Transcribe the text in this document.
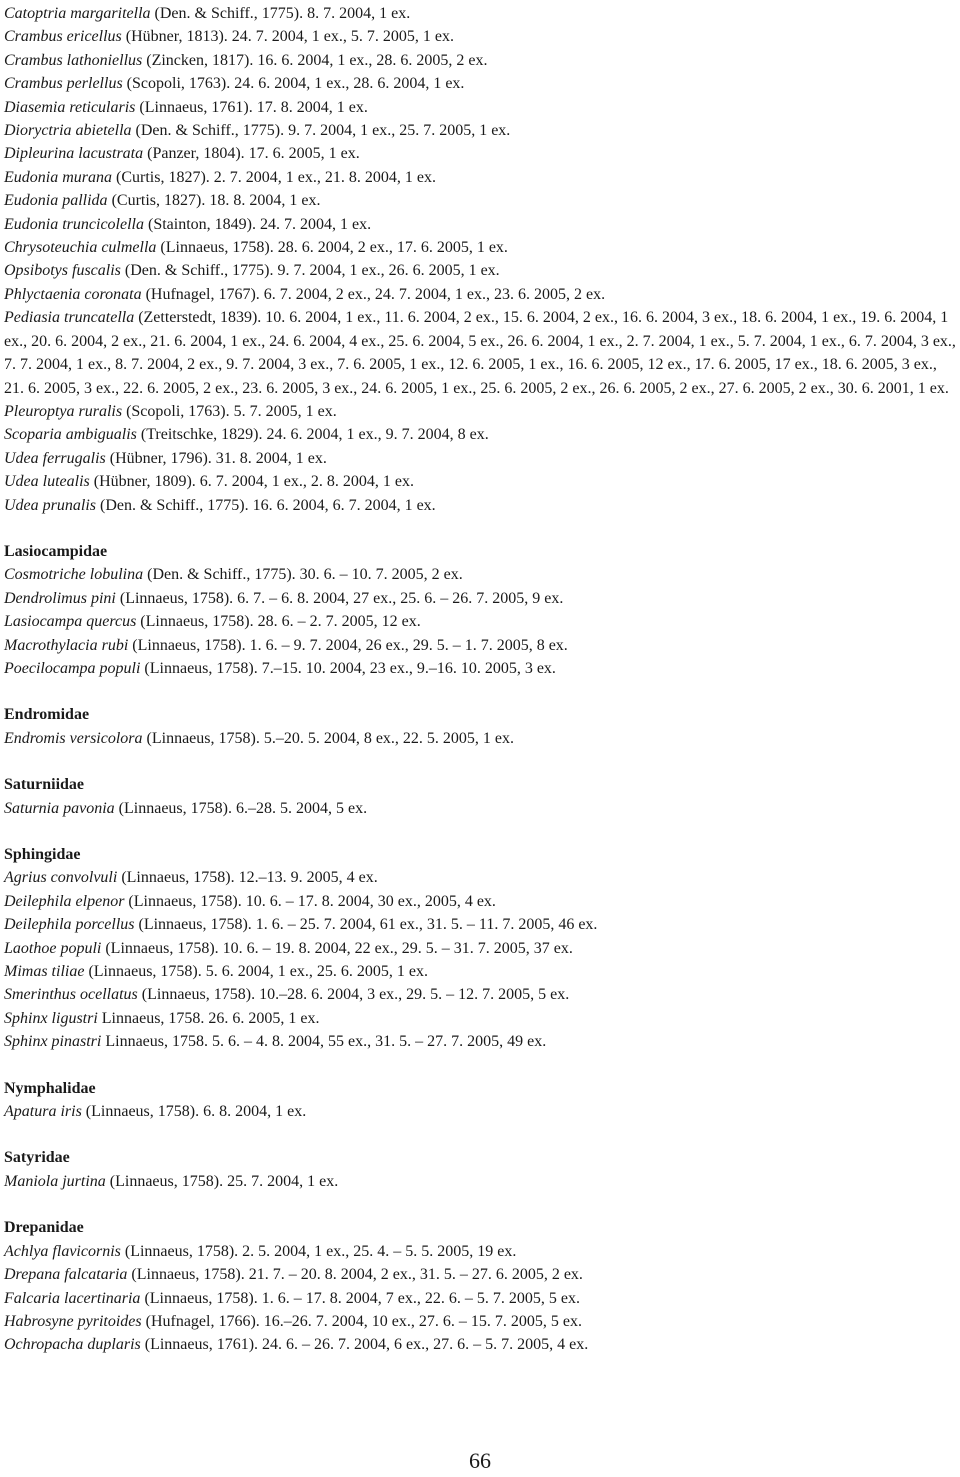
Catoptria margaritella (Den. & Schiff., 1775). 8. 7. 2004, 1 ex.
Crambus ericellus (Hübner, 1813). 24. 7. 2004, 1 ex., 5. 7. 2005, 1 ex.
Crambus lathoniellus (Zincken, 1817). 16. 6. 2004, 1 ex., 28. 6. 2005, 2 ex.
Crambus perlellus (Scopoli, 1763). 24. 6. 2004, 1 ex., 28. 6. 2004, 1 ex.
Diasemia reticularis (Linnaeus, 1761). 17. 8. 2004, 1 ex.
Dioryctria abietella (Den. & Schiff., 1775). 9. 7. 2004, 1 ex., 25. 7. 2005, 1 ex.
Dipleurina lacustrata (Panzer, 1804). 17. 6. 2005, 1 ex.
Eudonia murana (Curtis, 1827). 2. 7. 2004, 1 ex., 21. 8. 2004, 1 ex.
Eudonia pallida (Curtis, 1827). 18. 8. 2004, 1 ex.
Eudonia truncicolella (Stainton, 1849). 24. 7. 2004, 1 ex.
Chrysoteuchia culmella (Linnaeus, 1758). 28. 6. 2004, 2 ex., 17. 6. 2005, 1 ex.
Opsibotys fuscalis (Den. & Schiff., 1775). 9. 7. 2004, 1 ex., 26. 6. 2005, 1 ex.
Phlyctaenia coronata (Hufnagel, 1767). 6. 7. 2004, 2 ex., 24. 7. 2004, 1 ex., 23. 6. 2005, 2 ex.
Pediasia truncatella (Zetterstedt, 1839). 10. 6. 2004, 1 ex., 11. 6. 2004, 2 ex., 15. 6. 2004, 2 ex., 16. 6. 2004, 3 ex., 18. 6. 2004, 1 ex., 19. 6. 2004, 1 ex., 20. 6. 2004, 2 ex., 21. 6. 2004, 1 ex., 24. 6. 2004, 4 ex., 25. 6. 2004, 5 ex., 26. 6. 2004, 1 ex., 2. 7. 2004, 1 ex., 5. 7. 2004, 1 ex., 6. 7. 2004, 3 ex., 7. 7. 2004, 1 ex., 8. 7. 2004, 2 ex., 9. 7. 2004, 3 ex., 7. 6. 2005, 1 ex., 12. 6. 2005, 1 ex., 16. 6. 2005, 12 ex., 17. 6. 2005, 17 ex., 18. 6. 2005, 3 ex., 21. 6. 2005, 3 ex., 22. 6. 2005, 2 ex., 23. 6. 2005, 3 ex., 24. 6. 2005, 1 ex., 25. 6. 2005, 2 ex., 26. 6. 2005, 2 ex., 27. 6. 2005, 2 ex., 30. 6. 2001, 1 ex.
Pleuroptya ruralis (Scopoli, 1763). 5. 7. 2005, 1 ex.
Scoparia ambigualis (Treitschke, 1829). 24. 6. 2004, 1 ex., 9. 7. 2004, 8 ex.
Udea ferrugalis (Hübner, 1796). 31. 8. 2004, 1 ex.
Udea lutealis (Hübner, 1809). 6. 7. 2004, 1 ex., 2. 8. 2004, 1 ex.
Udea prunalis (Den. & Schiff., 1775). 16. 6. 2004, 6. 7. 2004, 1 ex.
Lasiocampidae
Cosmotriche lobulina (Den. & Schiff., 1775). 30. 6. – 10. 7. 2005, 2 ex.
Dendrolimus pini (Linnaeus, 1758). 6. 7. – 6. 8. 2004, 27 ex., 25. 6. – 26. 7. 2005, 9 ex.
Lasiocampa quercus (Linnaeus, 1758). 28. 6. – 2. 7. 2005, 12 ex.
Macrothylacia rubi (Linnaeus, 1758). 1. 6. – 9. 7. 2004, 26 ex., 29. 5. – 1. 7. 2005, 8 ex.
Poecilocampa populi (Linnaeus, 1758). 7.–15. 10. 2004, 23 ex., 9.–16. 10. 2005, 3 ex.
Endromidae
Endromis versicolora (Linnaeus, 1758). 5.–20. 5. 2004, 8 ex., 22. 5. 2005, 1 ex.
Saturniidae
Saturnia pavonia (Linnaeus, 1758). 6.–28. 5. 2004, 5 ex.
Sphingidae
Agrius convolvuli (Linnaeus, 1758). 12.–13. 9. 2005, 4 ex.
Deilephila elpenor (Linnaeus, 1758). 10. 6. – 17. 8. 2004, 30 ex., 2005, 4 ex.
Deilephila porcellus (Linnaeus, 1758). 1. 6. – 25. 7. 2004, 61 ex., 31. 5. – 11. 7. 2005, 46 ex.
Laothoe populi (Linnaeus, 1758). 10. 6. – 19. 8. 2004, 22 ex., 29. 5. – 31. 7. 2005, 37 ex.
Mimas tiliae (Linnaeus, 1758). 5. 6. 2004, 1 ex., 25. 6. 2005, 1 ex.
Smerinthus ocellatus (Linnaeus, 1758). 10.–28. 6. 2004, 3 ex., 29. 5. – 12. 7. 2005, 5 ex.
Sphinx ligustri Linnaeus, 1758. 26. 6. 2005, 1 ex.
Sphinx pinastri Linnaeus, 1758. 5. 6. – 4. 8. 2004, 55 ex., 31. 5. – 27. 7. 2005, 49 ex.
Nymphalidae
Apatura iris (Linnaeus, 1758). 6. 8. 2004, 1 ex.
Satyridae
Maniola jurtina (Linnaeus, 1758). 25. 7. 2004, 1 ex.
Drepanidae
Achlya flavicornis (Linnaeus, 1758). 2. 5. 2004, 1 ex., 25. 4. – 5. 5. 2005, 19 ex.
Drepana falcataria (Linnaeus, 1758). 21. 7. – 20. 8. 2004, 2 ex., 31. 5. – 27. 6. 2005, 2 ex.
Falcaria lacertinaria (Linnaeus, 1758). 1. 6. – 17. 8. 2004, 7 ex., 22. 6. – 5. 7. 2005, 5 ex.
Habrosyne pyritoides (Hufnagel, 1766). 16.–26. 7. 2004, 10 ex., 27. 6. – 15. 7. 2005, 5 ex.
Ochropacha duplaris (Linnaeus, 1761). 24. 6. – 26. 7. 2004, 6 ex., 27. 6. – 5. 7. 2005, 4 ex.
66
